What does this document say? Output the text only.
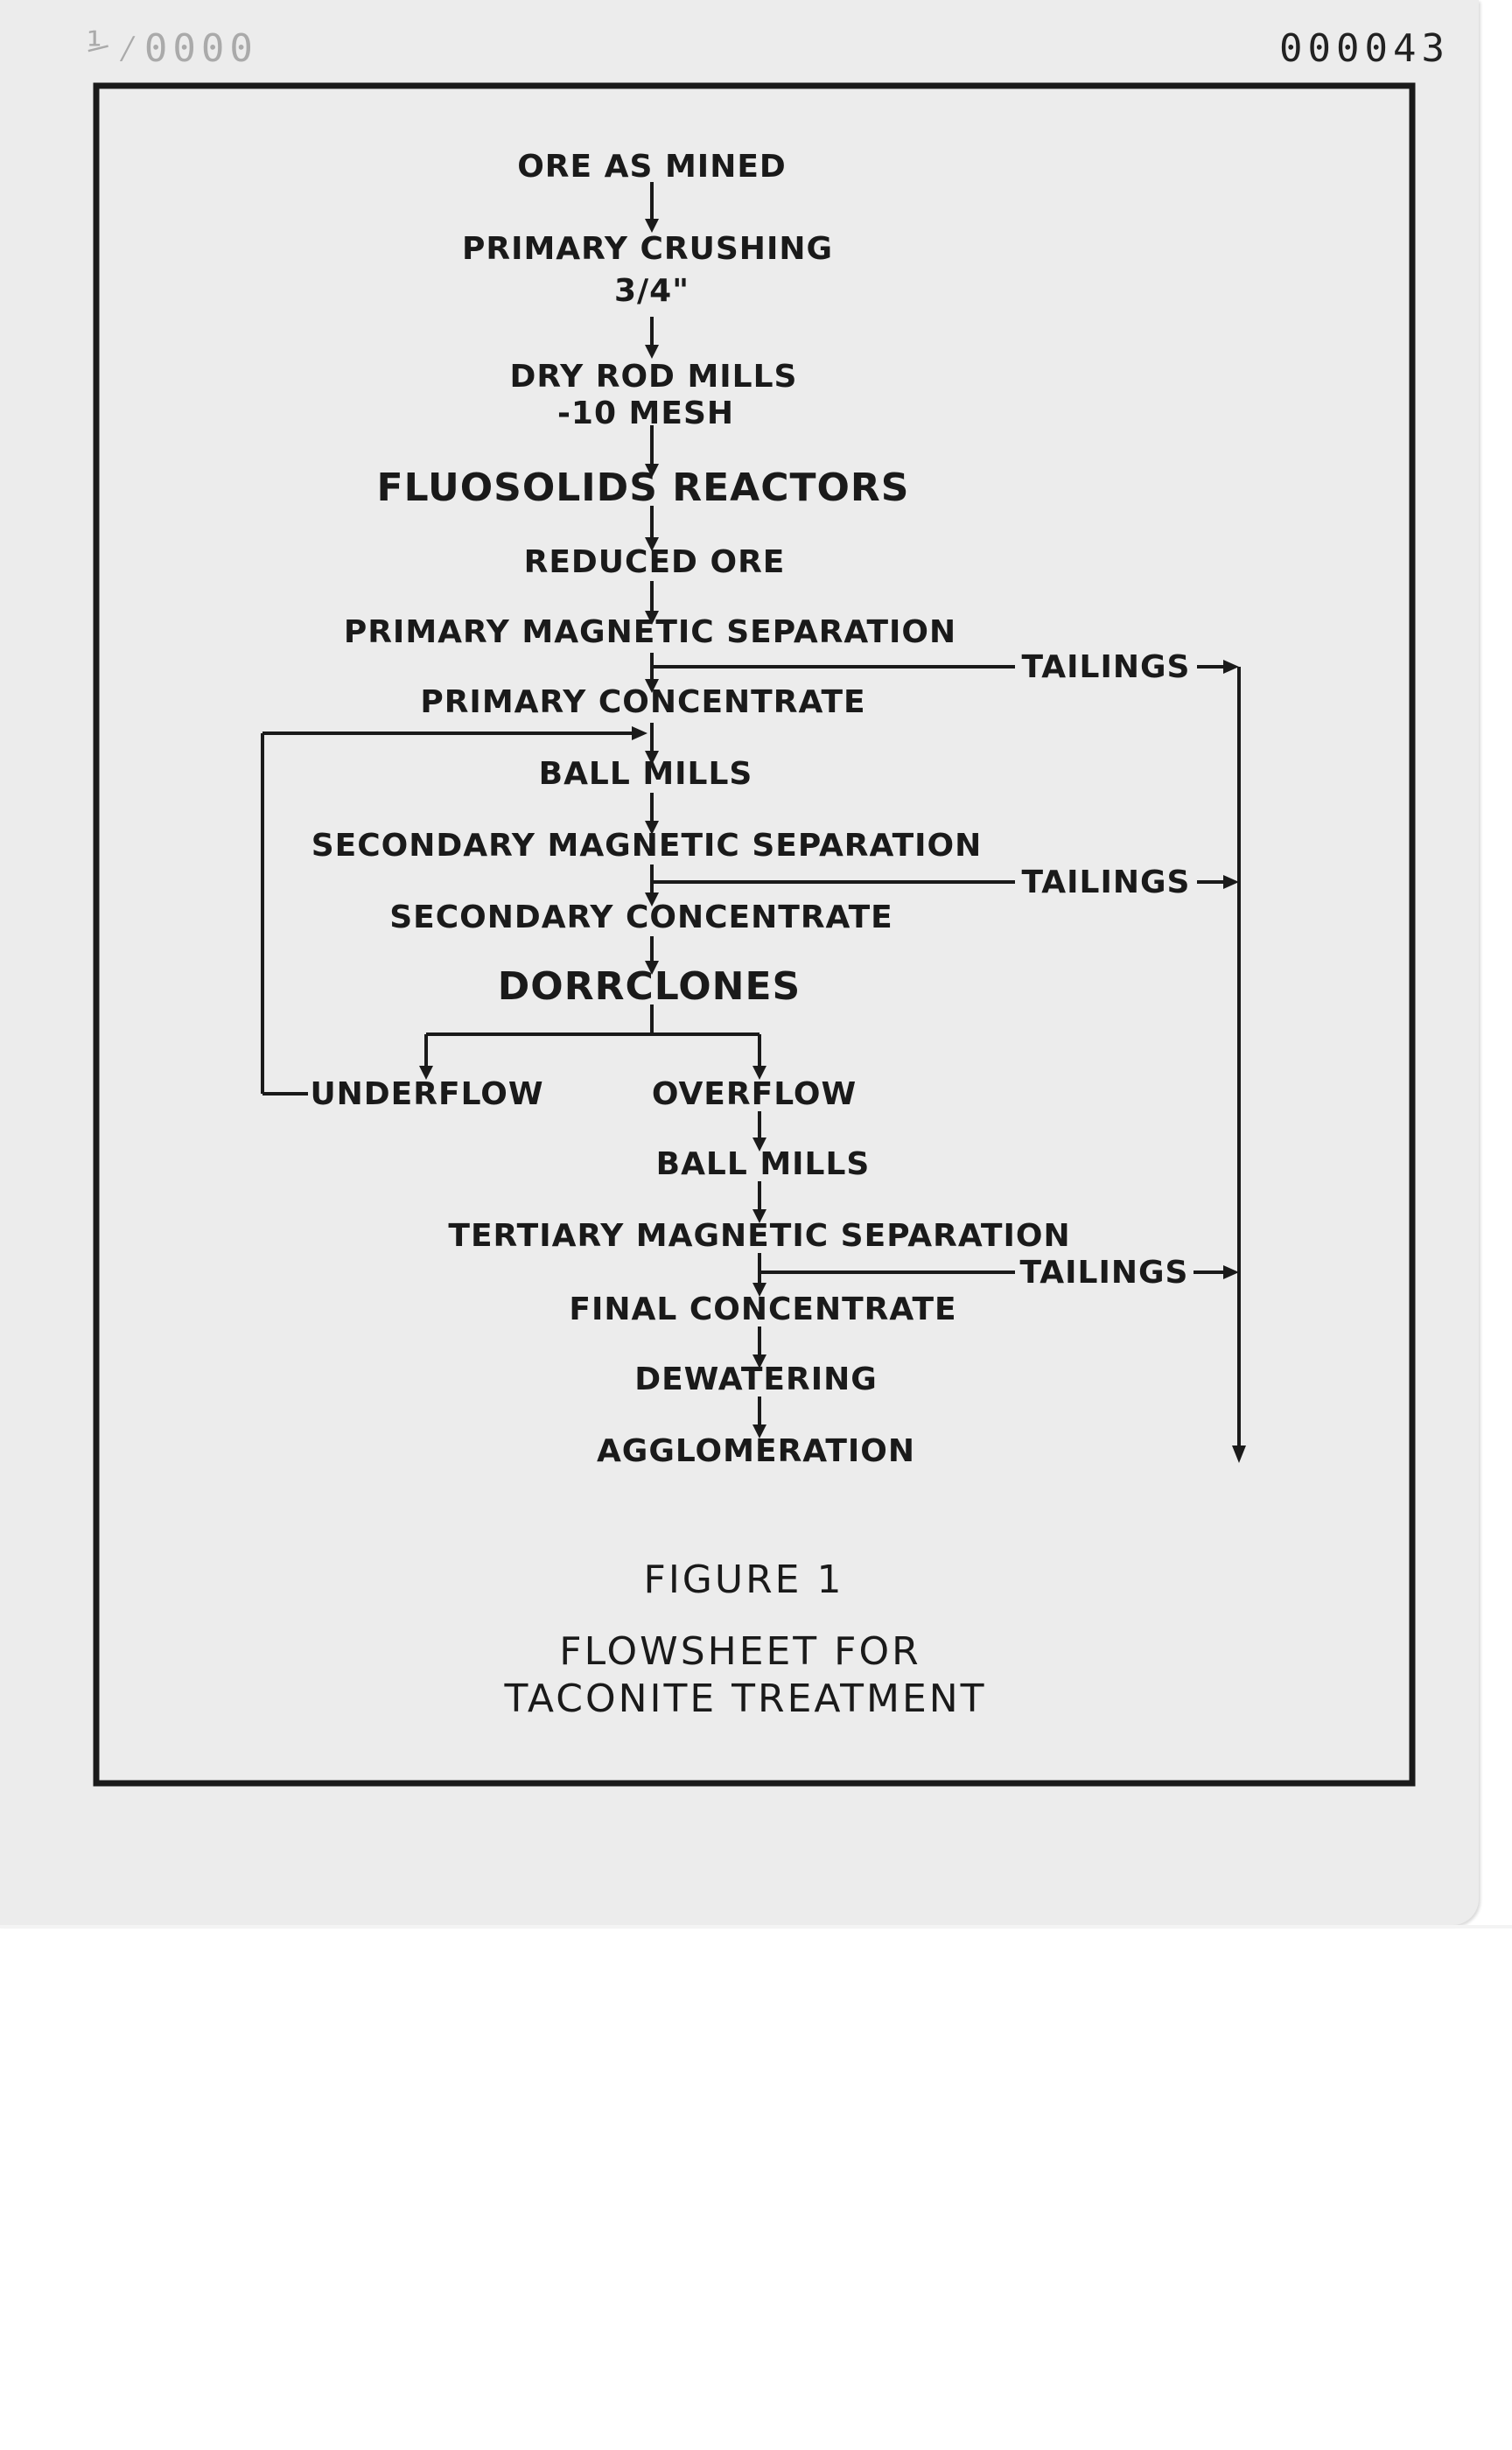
⅟⁄0000	000043
ORE AS MINED
PRIMARY CRUSHING
3/4"
DRY ROD MILLS
-10 MESH
FLUOSOLIDS REACTORS
REDUCED ORE
PRIMARY MAGNETIC SEPARATION
PRIMARY CONCENTRATE
BALL MILLS
SECONDARY MAGNETIC SEPARATION
SECONDARY CONCENTRATE
DORRCLONES
UNDERFLOW	OVERFLOW
BALL MILLS
TERTIARY MAGNETIC SEPARATION
FINAL CONCENTRATE
DEWATERING
AGGLOMERATION
TAILINGS
TAILINGS
TAILINGS
FIGURE 1
FLOWSHEET FOR
TACONITE TREATMENT
